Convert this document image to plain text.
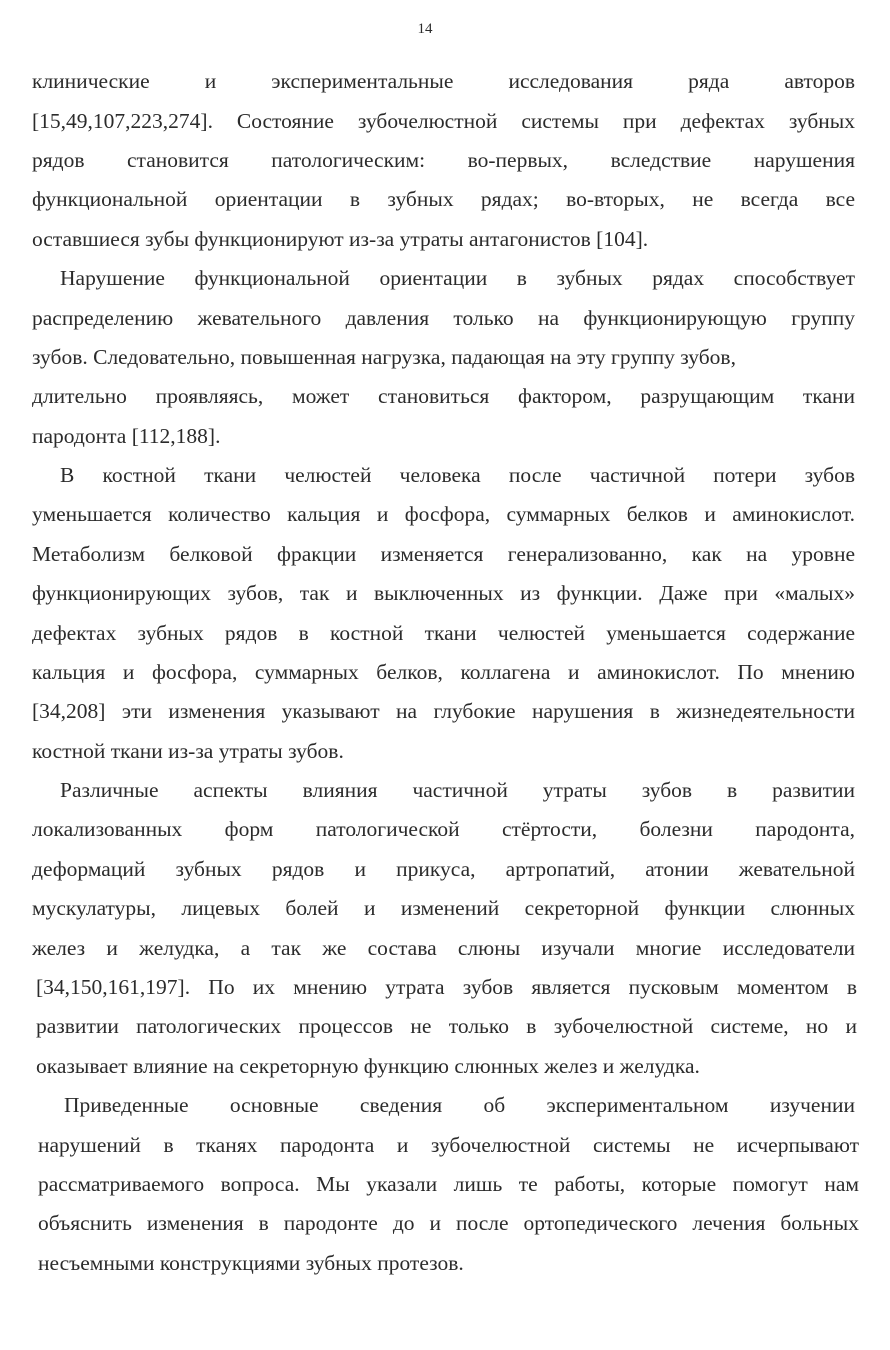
14
клинические и экспериментальные исследования ряда авторов
[15,49,107,223,274]. Состояние зубочелюстной системы при дефектах зубных
рядов становится патологическим: во-первых, вследствие нарушения
функциональной ориентации в зубных рядах; во-вторых, не всегда все
оставшиеся зубы функционируют из-за утраты антагонистов [104].
Нарушение функциональной ориентации в зубных рядах способствует
распределению жевательного давления только на функционирующую группу
зубов. Следовательно, повышенная нагрузка, падающая на эту группу зубов,
длительно проявляясь, может становиться фактором, разрущающим ткани
пародонта [112,188].
В костной ткани челюстей человека после частичной потери зубов
уменьшается количество кальция и фосфора, суммарных белков и аминокислот.
Метаболизм белковой фракции изменяется генерализованно, как на уровне
функционирующих зубов, так и выключенных из функции. Даже при «малых»
дефектах зубных рядов в костной ткани челюстей уменьшается содержание
кальция и фосфора, суммарных белков, коллагена и аминокислот. По мнению
[34,208] эти изменения указывают на глубокие нарушения в жизнедеятельности
костной ткани из-за утраты зубов.
Различные аспекты влияния частичной утраты зубов в развитии
локализованных форм патологической стёртости, болезни пародонта,
деформаций зубных рядов и прикуса, артропатий, атонии жевательной
мускулатуры, лицевых болей и изменений секреторной функции слюнных
желез и желудка, а так же состава слюны изучали многие исследователи
[34,150,161,197]. По их мнению утрата зубов является пусковым моментом в
развитии патологических процессов не только в зубочелюстной системе, но и
оказывает влияние на секреторную функцию слюнных желез и желудка.
Приведенные основные сведения об экспериментальном изучении
нарушений в тканях пародонта и зубочелюстной системы не исчерпывают
рассматриваемого вопроса. Мы указали лишь те работы, которые помогут нам
объяснить изменения в пародонте до и после ортопедического лечения больных
несъемными конструкциями зубных протезов.
